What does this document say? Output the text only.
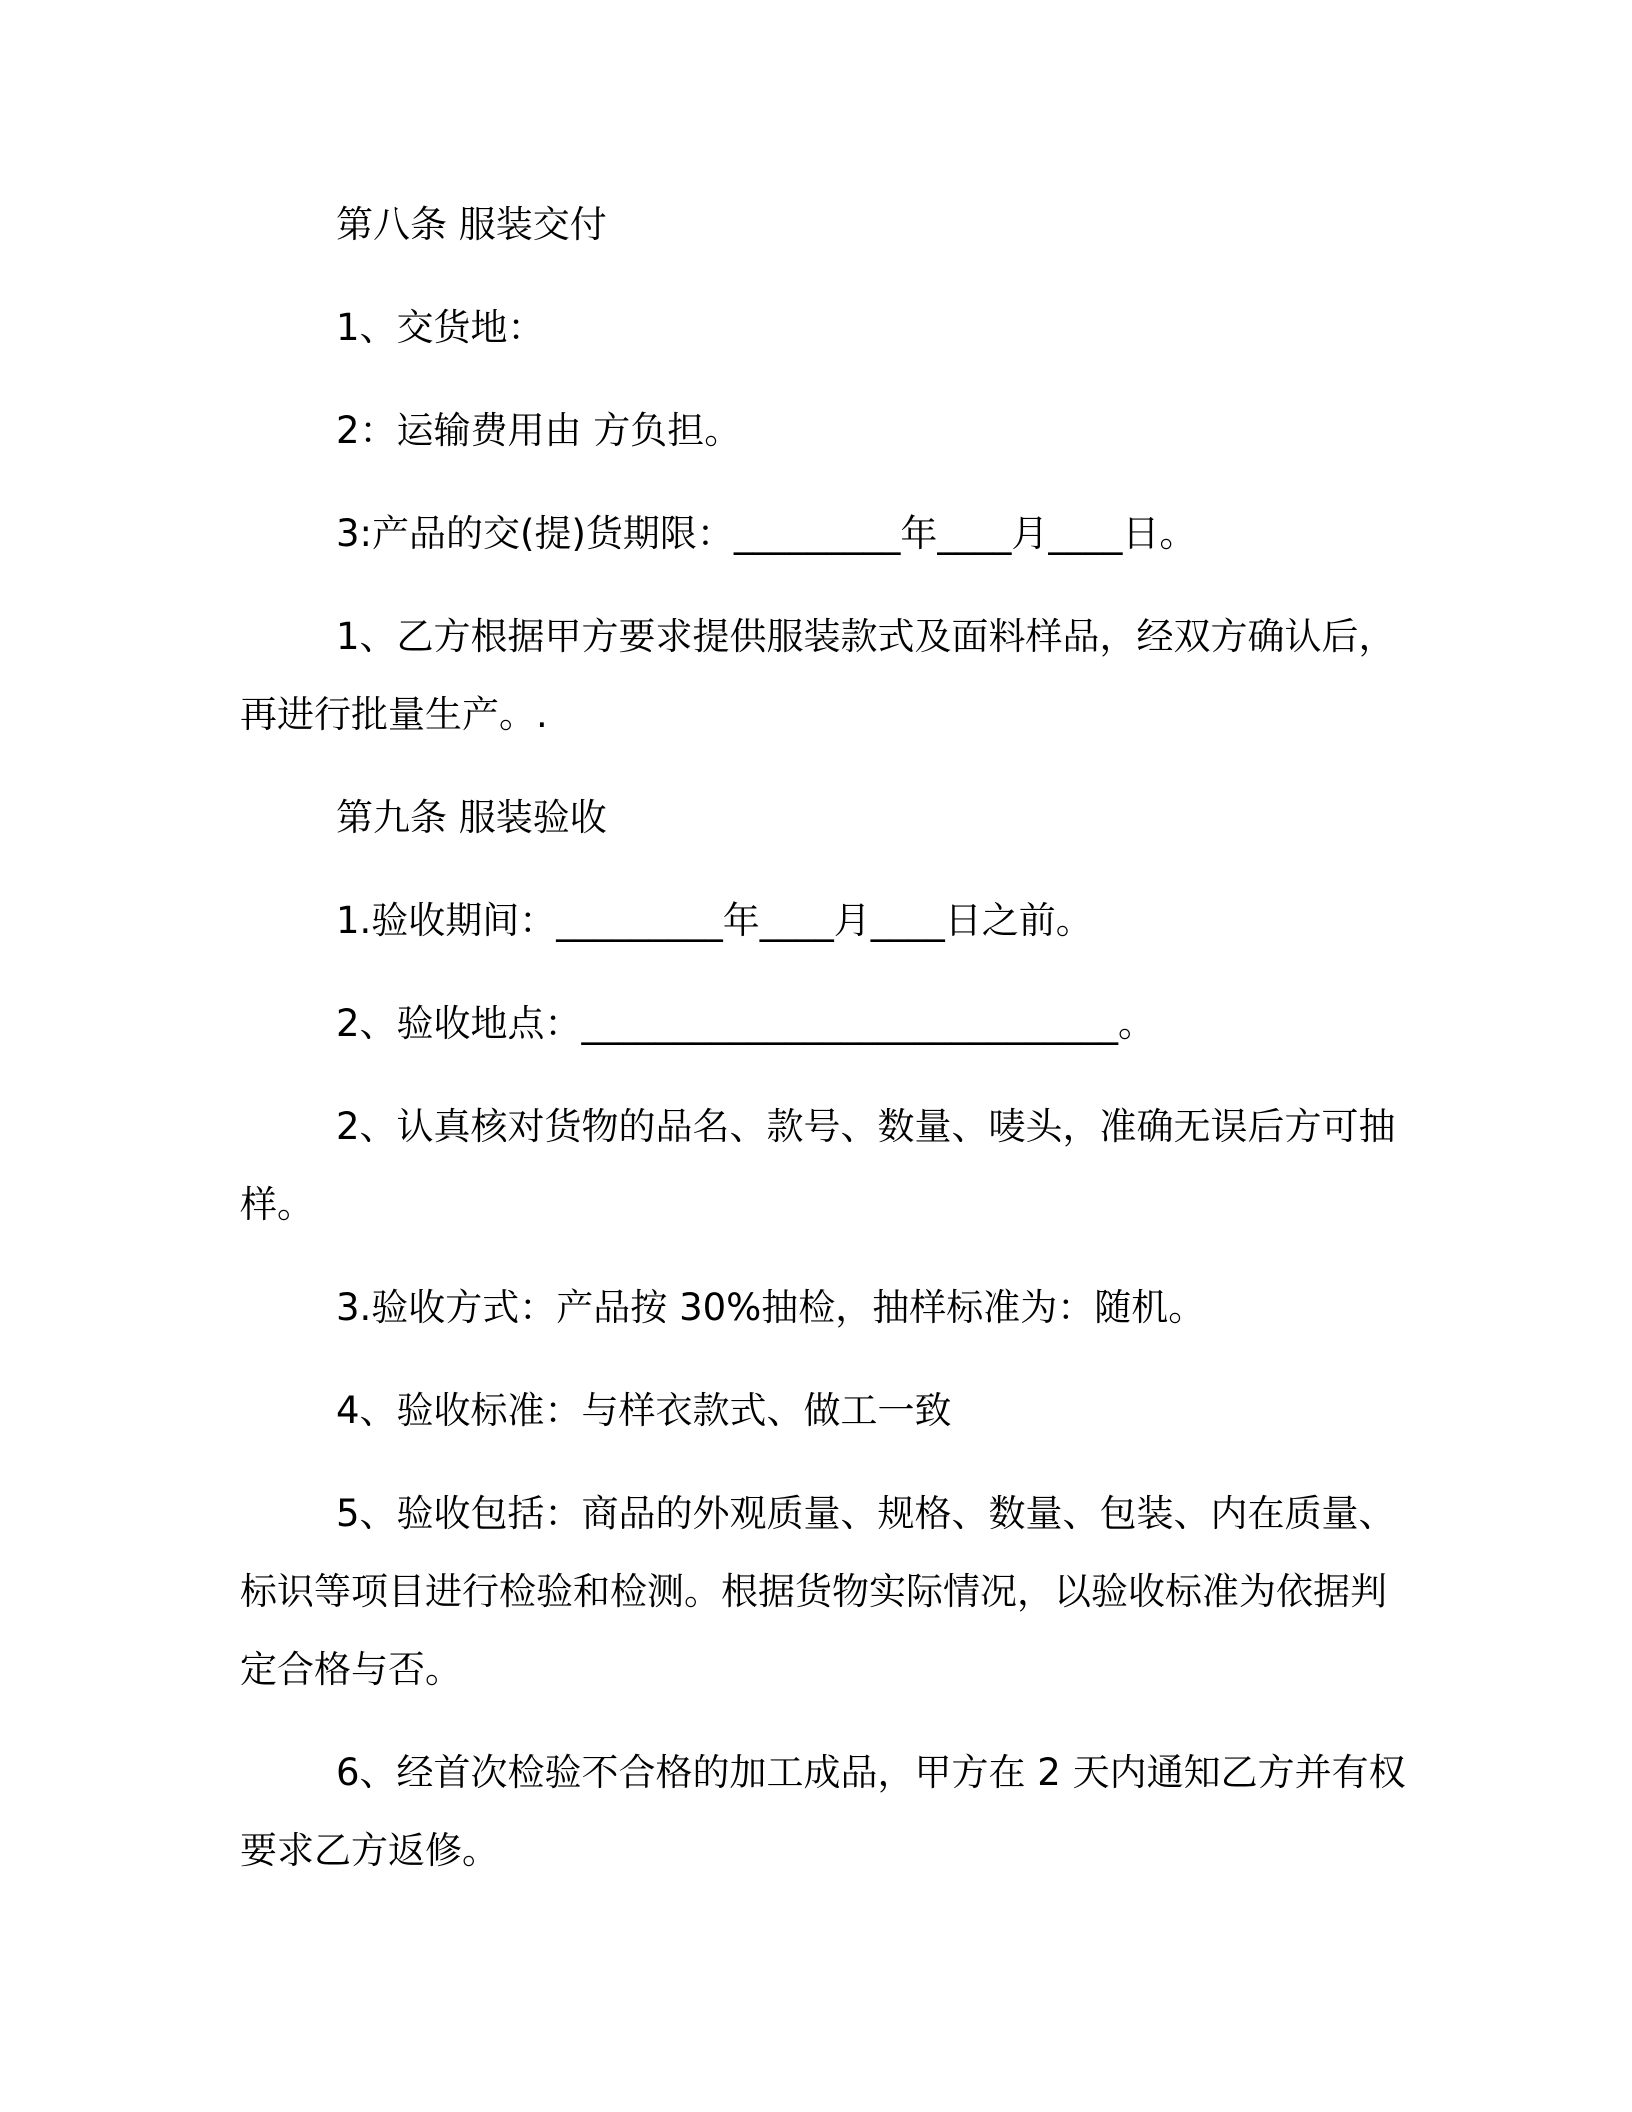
第八条 服装交付

1、交货地：

2：运输费用由 方负担。

3:产品的交(提)货期限：_________年____月____日。

1、乙方根据甲方要求提供服装款式及面料样品，经双方确认后，再进行批量生产。.

第九条 服装验收

1.验收期间：_________年____月____日之前。

2、验收地点：_____________________________。

2、认真核对货物的品名、款号、数量、唛头，准确无误后方可抽样。

3.验收方式：产品按 30%抽检，抽样标准为：随机。

4、验收标准：与样衣款式、做工一致

5、验收包括：商品的外观质量、规格、数量、包装、内在质量、标识等项目进行检验和检测。根据货物实际情况，以验收标准为依据判定合格与否。

6、经首次检验不合格的加工成品，甲方在 2 天内通知乙方并有权要求乙方返修。
